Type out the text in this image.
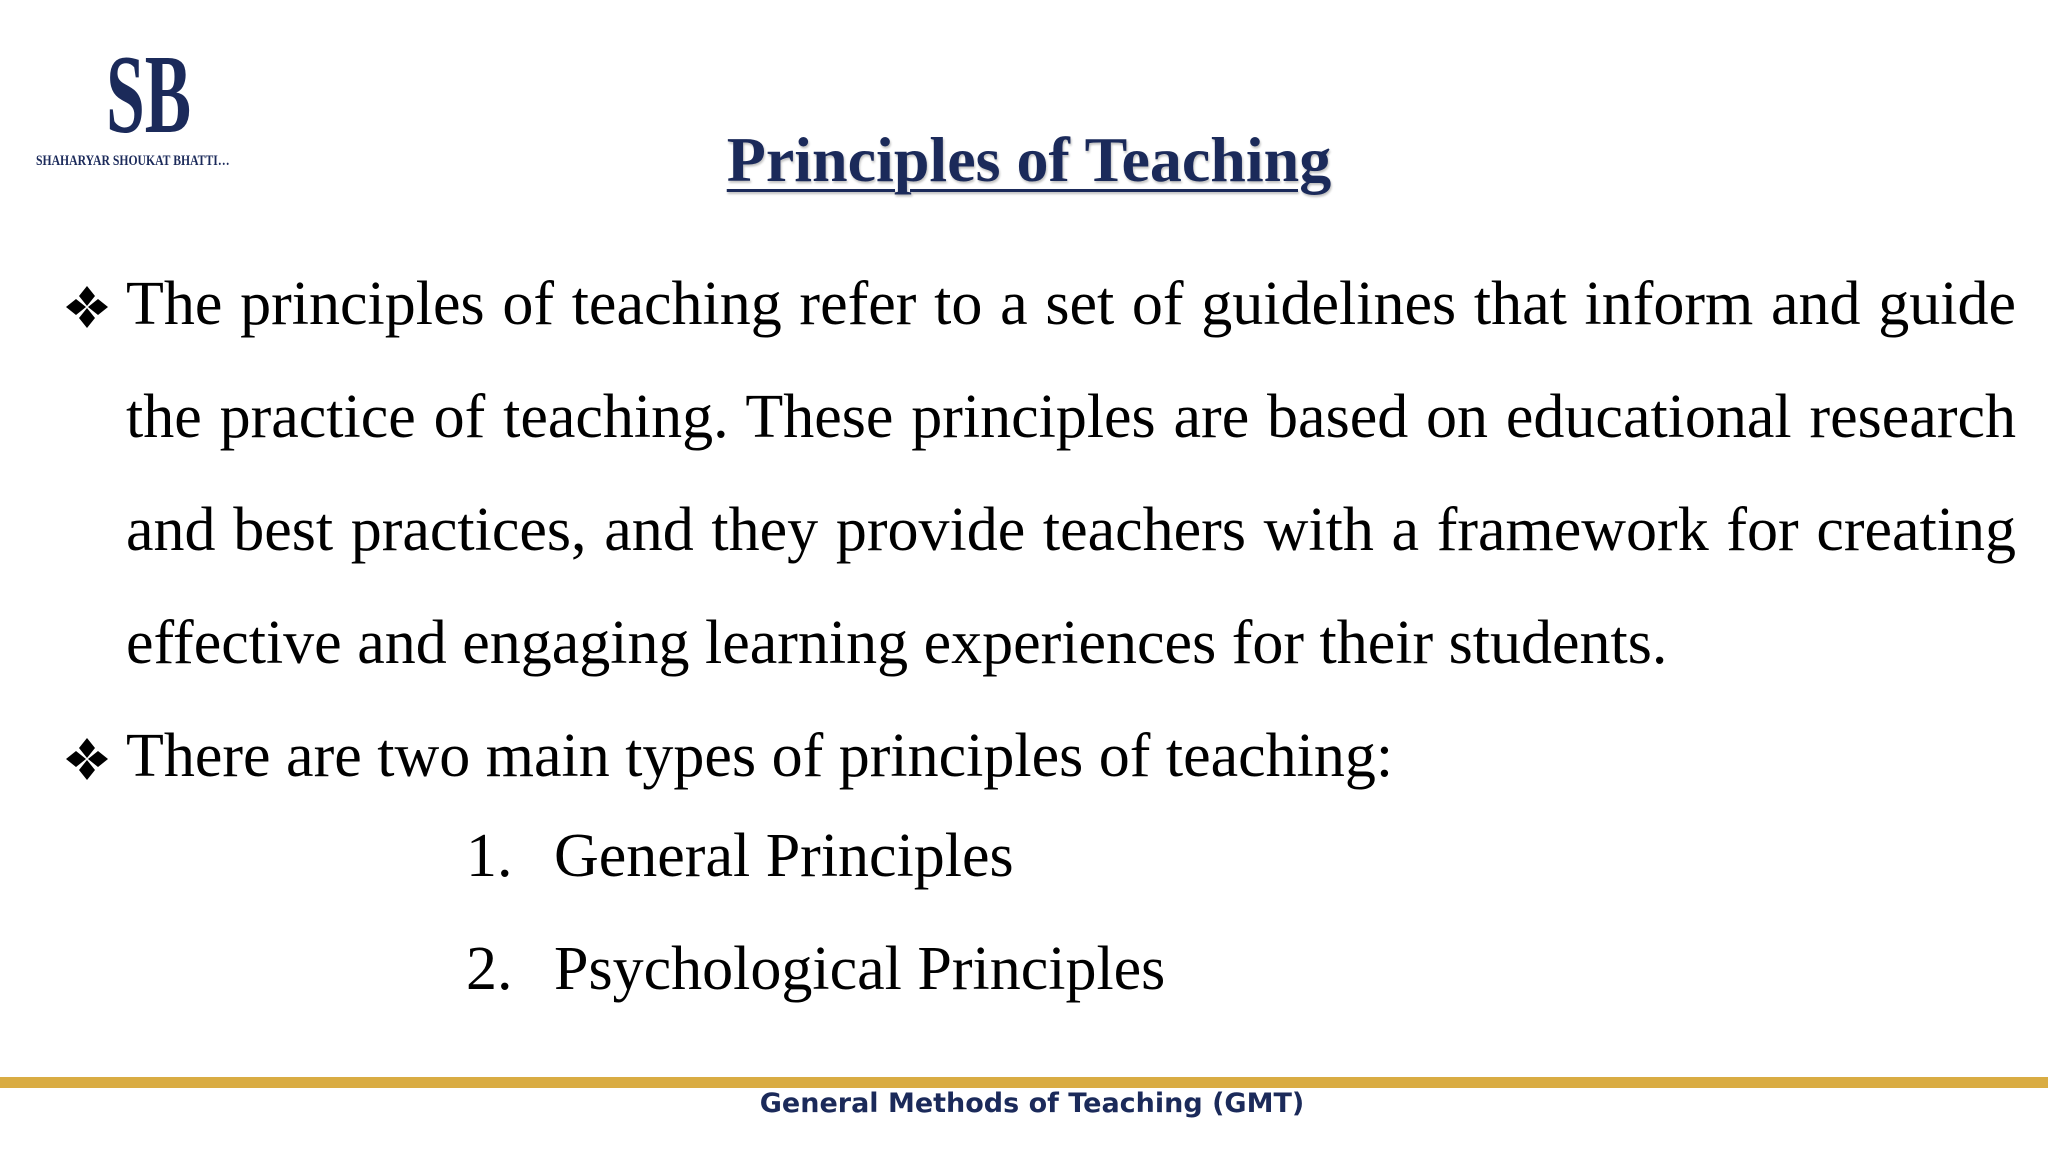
SB
SHAHARYAR SHOUKAT BHATTI…	Principles of Teaching
The principles of teaching refer to a set of guidelines that inform and guide the practice of teaching. These principles are based on educational research and best practices, and they provide teachers with a framework for creating effective and engaging learning experiences for their students.
There are two main types of principles of teaching:
1. General Principles
2. Psychological Principles
General Methods of Teaching (GMT)
